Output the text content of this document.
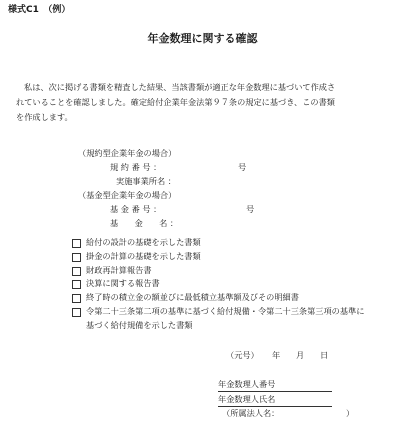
様式C1　（例）
年金数理に関する確認
私は、次に掲げる書類を精査した結果、当該書類が適正な年金数理に基づいて作成さ
れていることを確認しました。確定給付企業年金法第９７条の規定に基づき、この書類
を作成します。
（規約型企業年金の場合）
規 約 番 号 ：	号
実施事業所名 ：
（基金型企業年金の場合）
基 金 番 号 ：	号
基　　金　　名 ：
給付の設計の基礎を示した書類
掛金の計算の基礎を示した書類
財政再計算報告書
決算に関する報告書
終了時の積立金の額並びに最低積立基準額及びその明細書
令第二十三条第二項の基準に基づく給付規備・令第二十三条第三項の基準に
基づく給付規備を示した書類
（元号） 年 月 日
年金数理人番号
年金数理人氏名
（所属法人名：	）
